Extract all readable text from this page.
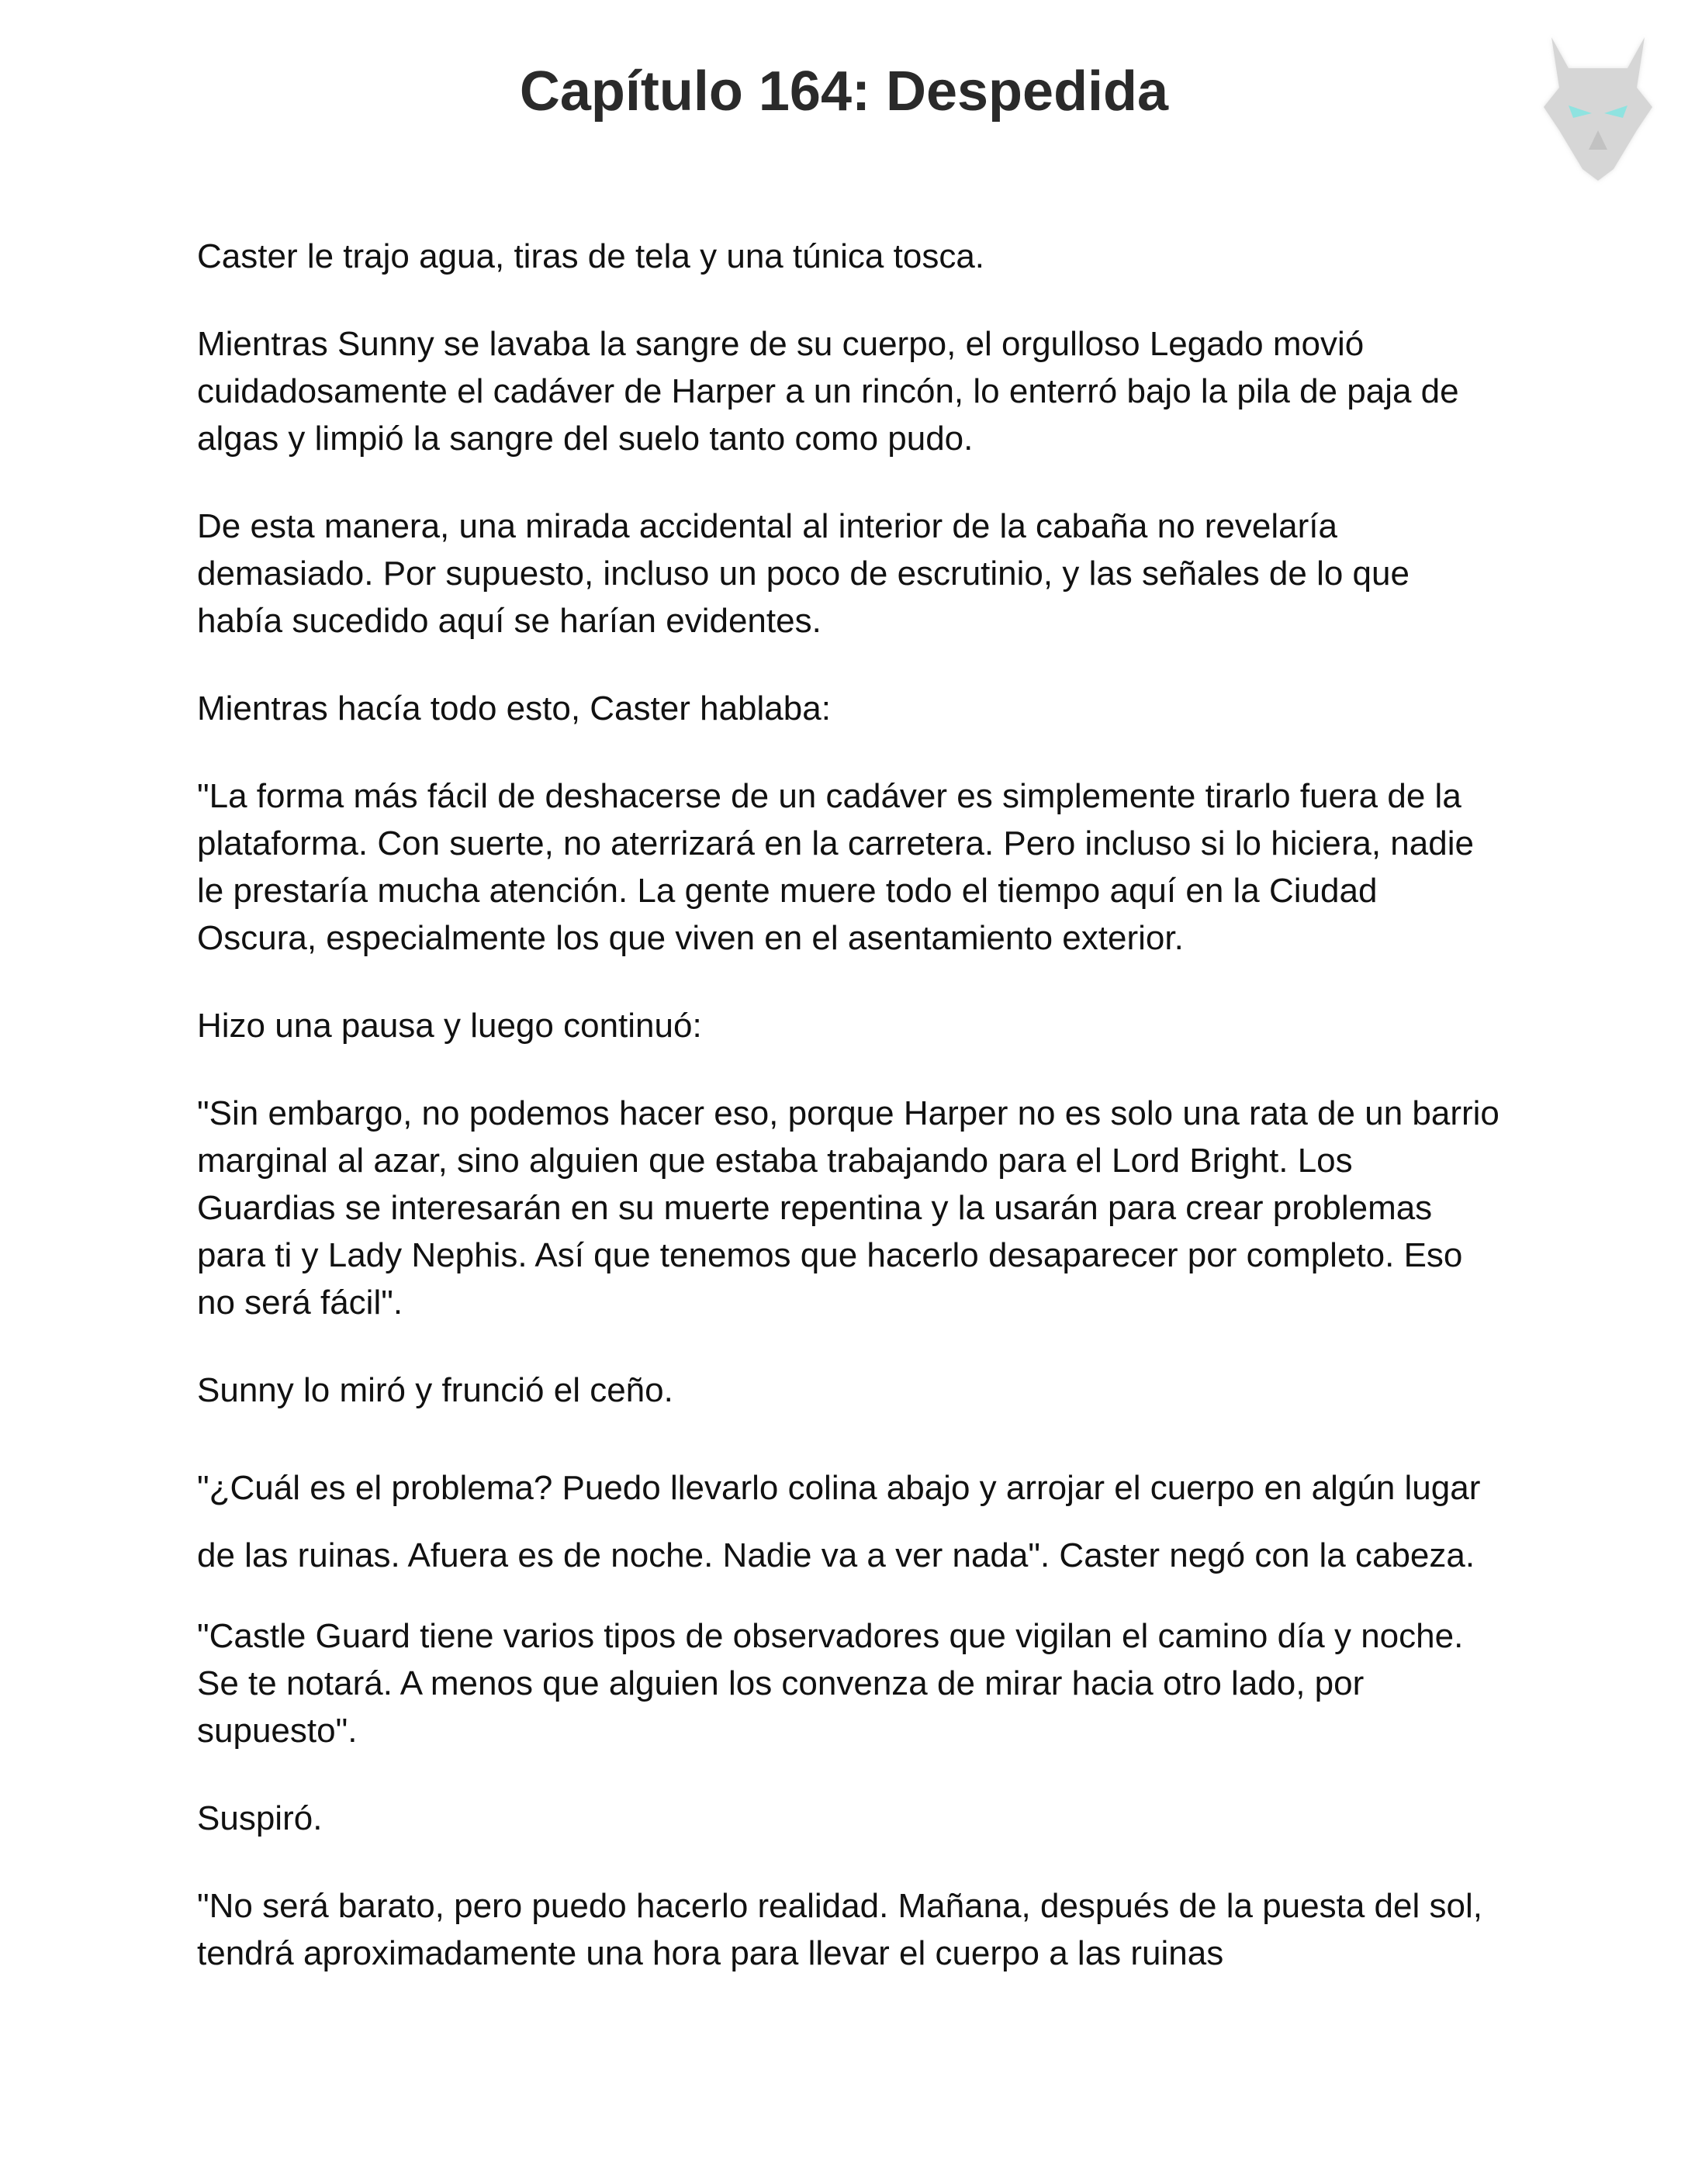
Capítulo 164: Despedida

Caster le trajo agua, tiras de tela y una túnica tosca.

Mientras Sunny se lavaba la sangre de su cuerpo, el orgulloso Legado movió cuidadosamente el cadáver de Harper a un rincón, lo enterró bajo la pila de paja de algas y limpió la sangre del suelo tanto como pudo.

De esta manera, una mirada accidental al interior de la cabaña no revelaría demasiado. Por supuesto, incluso un poco de escrutinio, y las señales de lo que había sucedido aquí se harían evidentes.

Mientras hacía todo esto, Caster hablaba:

"La forma más fácil de deshacerse de un cadáver es simplemente tirarlo fuera de la plataforma. Con suerte, no aterrizará en la carretera. Pero incluso si lo hiciera, nadie le prestaría mucha atención. La gente muere todo el tiempo aquí en la Ciudad Oscura, especialmente los que viven en el asentamiento exterior.

Hizo una pausa y luego continuó:

"Sin embargo, no podemos hacer eso, porque Harper no es solo una rata de un barrio marginal al azar, sino alguien que estaba trabajando para el Lord Bright. Los Guardias se interesarán en su muerte repentina y la usarán para crear problemas para ti y Lady Nephis. Así que tenemos que hacerlo desaparecer por completo. Eso no será fácil".

Sunny lo miró y frunció el ceño.

"¿Cuál es el problema? Puedo llevarlo colina abajo y arrojar el cuerpo en algún lugar de las ruinas. Afuera es de noche. Nadie va a ver nada". Caster negó con la cabeza.

"Castle Guard tiene varios tipos de observadores que vigilan el camino día y noche. Se te notará. A menos que alguien los convenza de mirar hacia otro lado, por supuesto".

Suspiró.

"No será barato, pero puedo hacerlo realidad. Mañana, después de la puesta del sol, tendrá aproximadamente una hora para llevar el cuerpo a las ruinas
